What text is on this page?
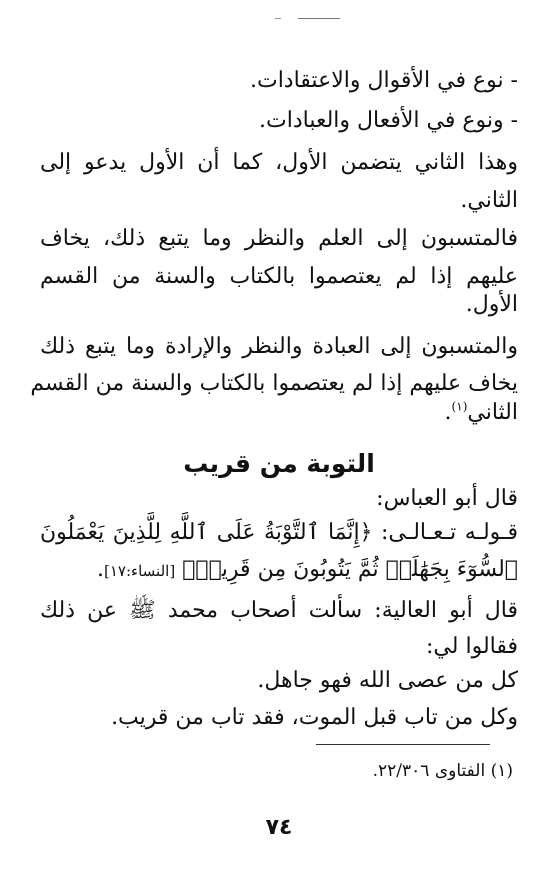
- نوع في الأقوال والاعتقادات.
- ونوع في الأفعال والعبادات.
وهذا الثاني يتضمن الأول، كما أن الأول يدعو إلى
الثاني.
فالمتسبون إلى العلم والنظر وما يتبع ذلك، يخاف
عليهم إذا لم يعتصموا بالكتاب والسنة من القسم
الأول.
والمتسبون إلى العبادة والنظر والإرادة وما يتبع ذلك
يخاف عليهم إذا لم يعتصموا بالكتاب والسنة من القسم
الثاني$^{(١)}$.
التوبة من قريب
قال أبو العباس:
قـولـه تـعـالـى: ﴿إِنَّمَا ٱلتَّوْبَةُ عَلَى ٱللَّهِ لِلَّذِينَ يَعْمَلُونَ
ٱلسُّوٓءَ بِجَهَٰلَةٖ ثُمَّ يَتُوبُونَ مِن قَرِيبٖ﴾ [النساء:١٧].
قال أبو العالية: سألت أصحاب محمد ﷺ عن ذلك
فقالوا لي:
كل من عصى الله فهو جاهل.
وكل من تاب قبل الموت، فقد تاب من قريب.
(١) الفتاوى ٢٢/٣٠٦.
٧٤
